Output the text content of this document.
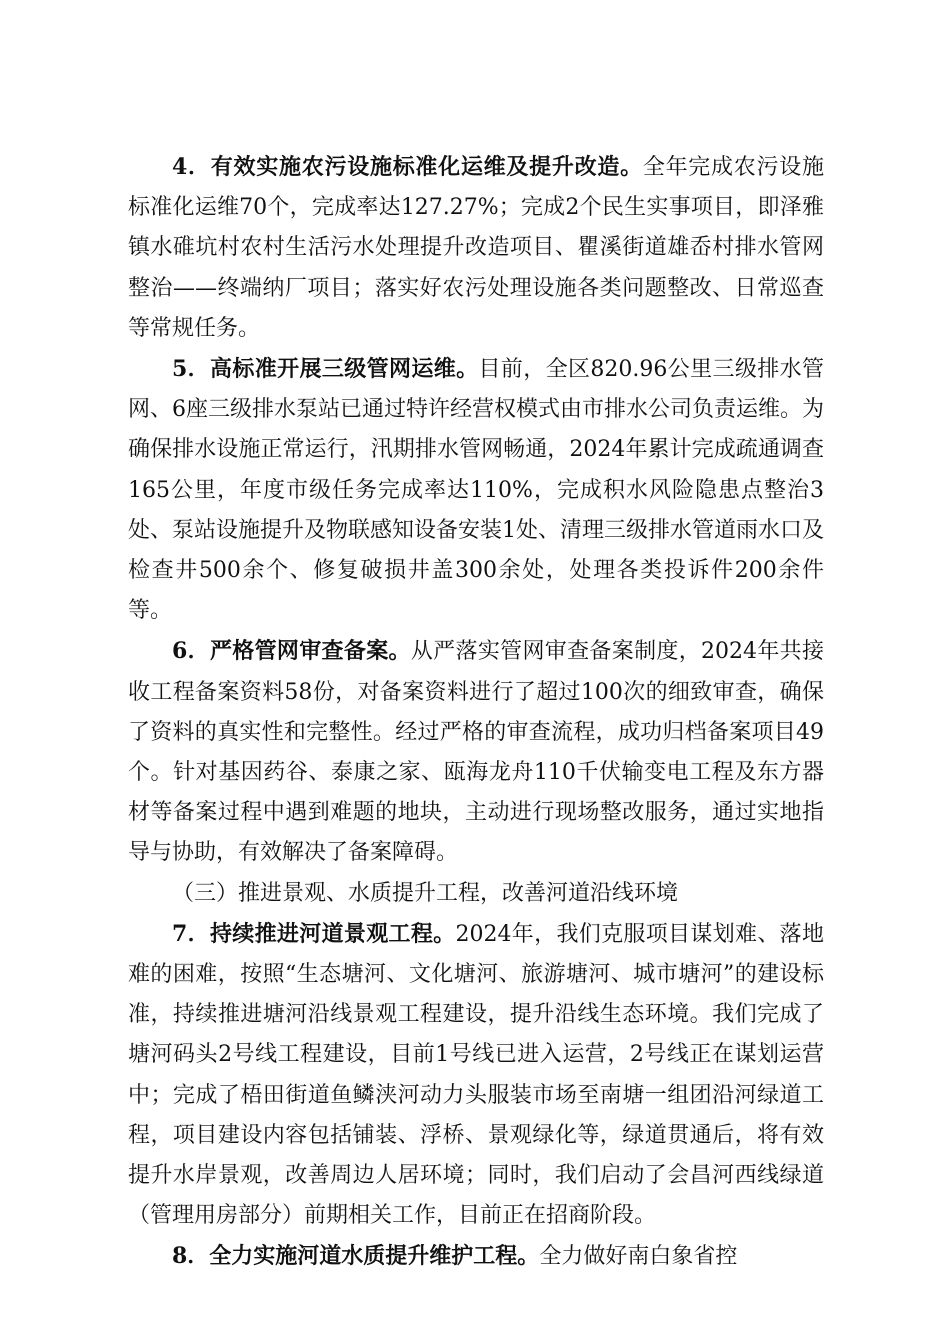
4．有效实施农污设施标准化运维及提升改造。全年完成农污设施标准化运维70个，完成率达127.27%；完成2个民生实事项目，即泽雅镇水碓坑村农村生活污水处理提升改造项目、瞿溪街道雄岙村排水管网整治——终端纳厂项目；落实好农污处理设施各类问题整改、日常巡查等常规任务。

5．高标准开展三级管网运维。目前，全区820.96公里三级排水管网、6座三级排水泵站已通过特许经营权模式由市排水公司负责运维。为确保排水设施正常运行，汛期排水管网畅通，2024年累计完成疏通调查165公里，年度市级任务完成率达110%，完成积水风险隐患点整治3处、泵站设施提升及物联感知设备安装1处、清理三级排水管道雨水口及检查井500余个、修复破损井盖300余处，处理各类投诉件200余件等。

6．严格管网审查备案。从严落实管网审查备案制度，2024年共接收工程备案资料58份，对备案资料进行了超过100次的细致审查，确保了资料的真实性和完整性。经过严格的审查流程，成功归档备案项目49个。针对基因药谷、泰康之家、瓯海龙舟110千伏输变电工程及东方器材等备案过程中遇到难题的地块，主动进行现场整改服务，通过实地指导与协助，有效解决了备案障碍。

（三）推进景观、水质提升工程，改善河道沿线环境

7．持续推进河道景观工程。2024年，我们克服项目谋划难、落地难的困难，按照“生态塘河、文化塘河、旅游塘河、城市塘河”的建设标准，持续推进塘河沿线景观工程建设，提升沿线生态环境。我们完成了塘河码头2号线工程建设，目前1号线已进入运营，2号线正在谋划运营中；完成了梧田街道鱼鳞浃河动力头服装市场至南塘一组团沿河绿道工程，项目建设内容包括铺装、浮桥、景观绿化等，绿道贯通后，将有效提升水岸景观，改善周边人居环境；同时，我们启动了会昌河西线绿道（管理用房部分）前期相关工作，目前正在招商阶段。

8．全力实施河道水质提升维护工程。全力做好南白象省控
